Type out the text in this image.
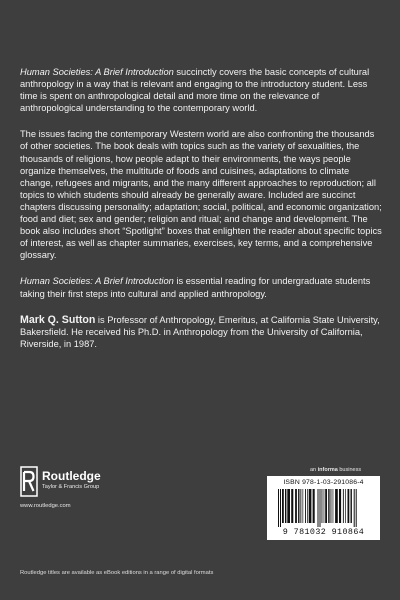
Human Societies: A Brief Introduction succinctly covers the basic concepts of cultural anthropology in a way that is relevant and engaging to the introductory student. Less time is spent on anthropological detail and more time on the relevance of anthropological understanding to the contemporary world.

The issues facing the contemporary Western world are also confronting the thousands of other societies. The book deals with topics such as the variety of sexualities, the thousands of religions, how people adapt to their environments, the ways people organize themselves, the multitude of foods and cuisines, adaptations to climate change, refugees and migrants, and the many different approaches to reproduction; all topics to which students should already be generally aware. Included are succinct chapters discussing personality; adaptation; social, political, and economic organization; food and diet; sex and gender; religion and ritual; and change and development. The book also includes short “Spotlight” boxes that enlighten the reader about specific topics of interest, as well as chapter summaries, exercises, key terms, and a comprehensive glossary.

Human Societies: A Brief Introduction is essential reading for undergraduate students taking their first steps into cultural and applied anthropology.

Mark Q. Sutton is Professor of Anthropology, Emeritus, at California State University, Bakersfield. He received his Ph.D. in Anthropology from the University of California, Riverside, in 1987.

an informa business
Routledge
Taylor & Francis Group
www.routledge.com
ISBN 978-1-03-291086-4
9 781032 910864
Routledge titles are available as eBook editions in a range of digital formats
